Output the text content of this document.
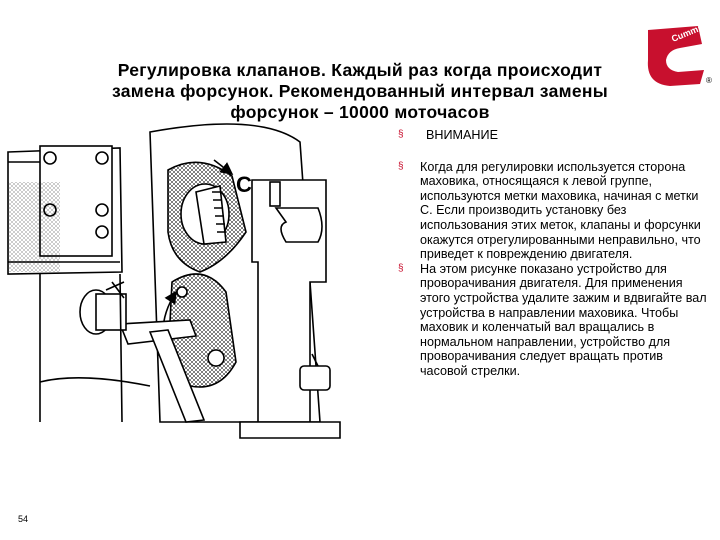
Регулировка клапанов. Каждый раз когда происходит
замена форсунок. Рекомендованный интервал замены
форсунок – 10000 моточасов
Cummins
®
C

§ ВНИМАНИЕ

§ Когда для регулировки используется сторона маховика, относящаяся к левой группе, используются метки маховика, начиная с метки С. Если производить установку без использования этих меток, клапаны и форсунки окажутся отрегулированными неправильно, что приведет к повреждению двигателя.

§ На этом рисунке показано устройство для проворачивания двигателя. Для применения этого устройства удалите зажим и вдвигайте вал устройства в направлении маховика. Чтобы маховик и коленчатый вал вращались в нормальном направлении, устройство для проворачивания следует вращать против часовой стрелки.

54
